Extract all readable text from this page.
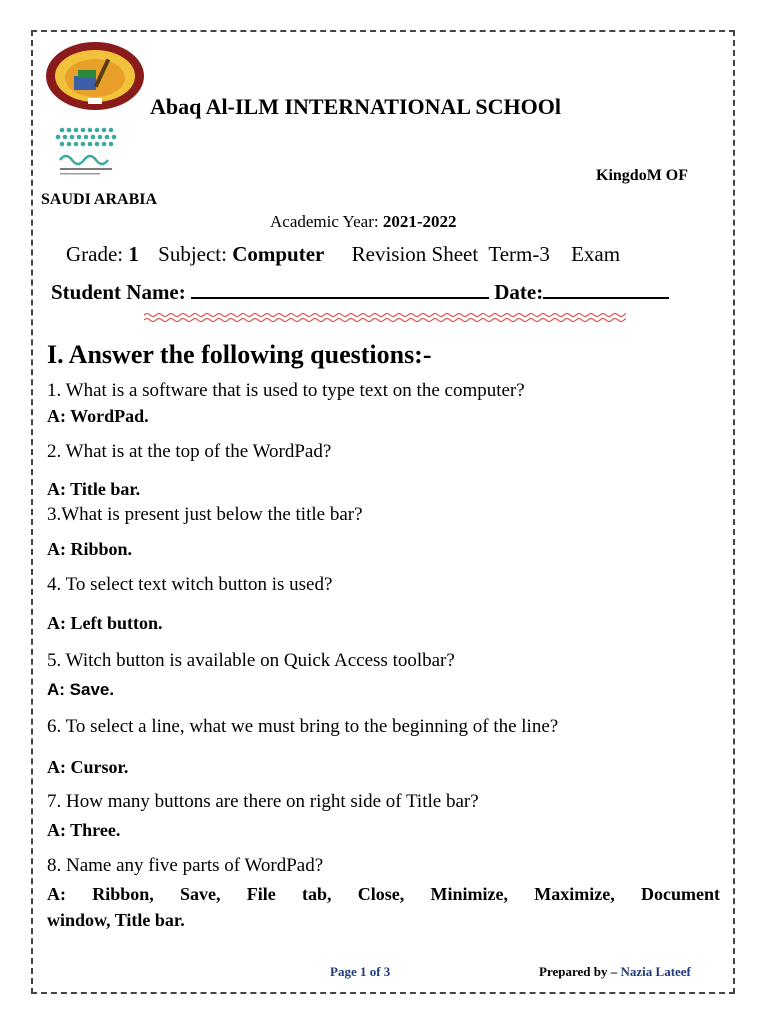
Abaq Al-ILM INTERNATIONAL SCHOOl
KingdoM OF
SAUDI ARABIA
Academic Year: 2021-2022
Grade: 1 Subject: Computer Revision Sheet Term-3 Exam
Student Name:	Date:
I. Answer the following questions:-
1. What is a software that is used to type text on the computer?
A: WordPad.
2. What is at the top of the WordPad?
A: Title bar.
3.What is present just below the title bar?
A: Ribbon.
4. To select text witch button is used?
A: Left button.
5. Witch button is available on Quick Access toolbar?
A: Save.
6. To select a line, what we must bring to the beginning of the line?
A: Cursor.
7. How many buttons are there on right side of Title bar?
A: Three.
8. Name any five parts of WordPad?
A: Ribbon, Save, File tab, Close, Minimize, Maximize, Document
window, Title bar.
Page 1 of 3	Prepared by – Nazia Lateef
